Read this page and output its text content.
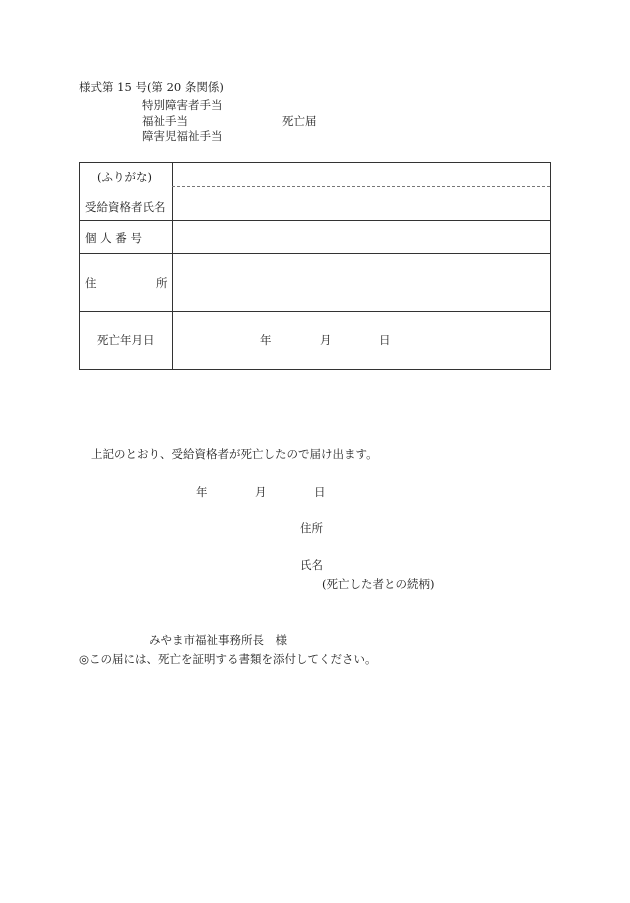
様式第 15 号(第 20 条関係)
特別障害者手当
福祉手当
障害児福祉手当
死亡届
(ふりがな)
受給資格者氏名
個 人 番 号
住	所
死亡年月日	年	月	日
上記のとおり、受給資格者が死亡したので届け出ます。
年	月	日
住所
氏名
(死亡した者との続柄)
みやま市福祉事務所長　様
◎この届には、死亡を証明する書類を添付してください。
